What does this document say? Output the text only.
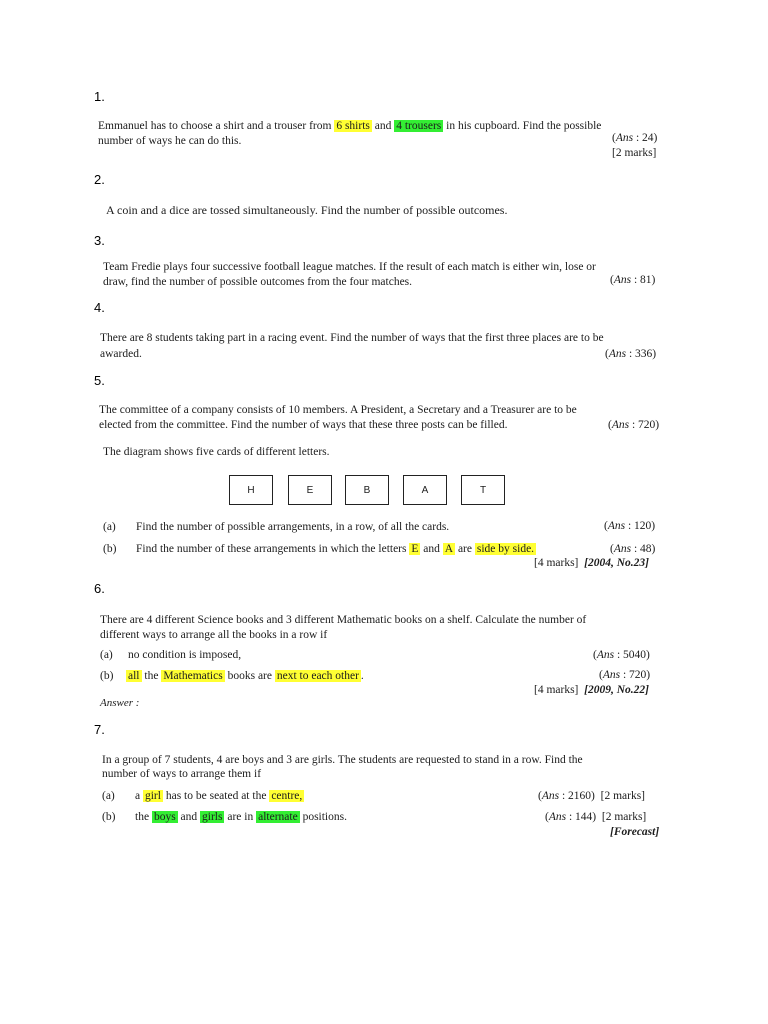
1.
Emmanuel has to choose a shirt and a trouser from 6 shirts and 4 trousers in his cupboard. Find the possible
number of ways he can do this.	(Ans : 24)
[2 marks]
2.
A coin and a dice are tossed simultaneously. Find the number of possible outcomes.
3.
Team Fredie plays four successive football league matches. If the result of each match is either win, lose or
draw, find the number of possible outcomes from the four matches.	(Ans : 81)
4.
There are 8 students taking part in a racing event. Find the number of ways that the first three places are to be
awarded.	(Ans : 336)
5.
The committee of a company consists of 10 members. A President, a Secretary and a Treasurer are to be
elected from the committee. Find the number of ways that these three posts can be filled.	(Ans : 720)
The diagram shows five cards of different letters.
H	E	B	A	T
(a) Find the number of possible arrangements, in a row, of all the cards.	(Ans : 120)
(b) Find the number of these arrangements in which the letters E and A are side by side.	(Ans : 48)
[4 marks] [2004, No.23]
6.
There are 4 different Science books and 3 different Mathematic books on a shelf. Calculate the number of
different ways to arrange all the books in a row if
(a) no condition is imposed,	(Ans : 5040)
(b) all the Mathematics books are next to each other .	(Ans : 720)
[4 marks] [2009, No.22]
Answer :
7.
In a group of 7 students, 4 are boys and 3 are girls. The students are requested to stand in a row. Find the
number of ways to arrange them if
(a) a girl has to be seated at the centre,	(Ans : 2160) [2 marks]
(b) the boys and girls are in alternate positions.	(Ans : 144) [2 marks]
[Forecast]
